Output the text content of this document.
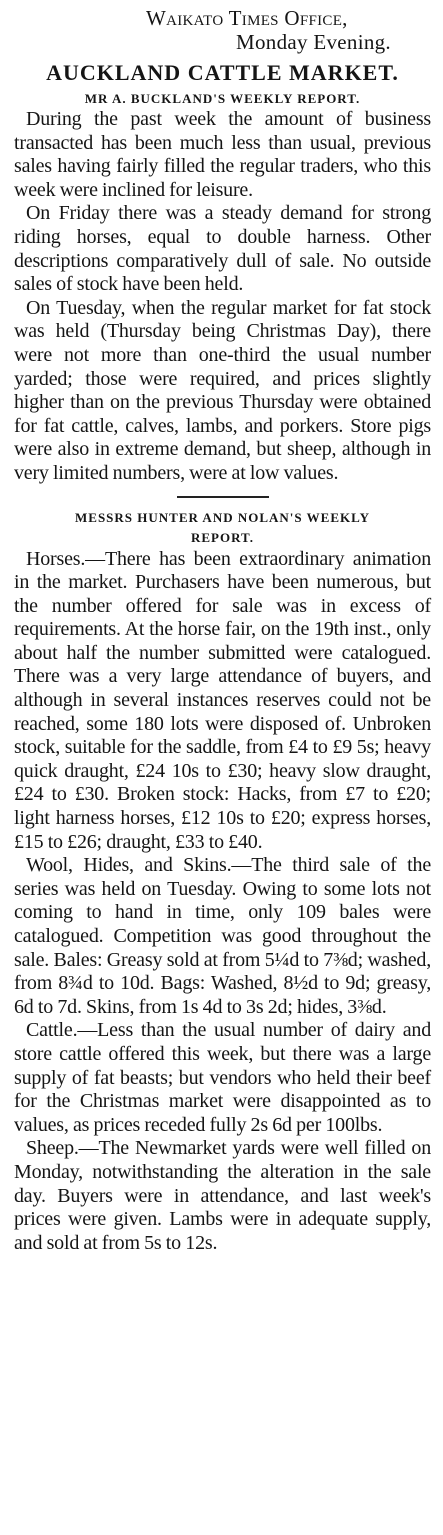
Waikato Times Office,
Monday Evening.
AUCKLAND CATTLE MARKET.
MR A. BUCKLAND'S WEEKLY REPORT.

During the past week the amount of business transacted has been much less than usual, previous sales having fairly filled the regular traders, who this week were inclined for leisure.

On Friday there was a steady demand for strong riding horses, equal to double harness. Other descriptions comparatively dull of sale. No outside sales of stock have been held.

On Tuesday, when the regular market for fat stock was held (Thursday being Christmas Day), there were not more than one-third the usual number yarded; those were required, and prices slightly higher than on the previous Thursday were obtained for fat cattle, calves, lambs, and porkers. Store pigs were also in extreme demand, but sheep, although in very limited numbers, were at low values.

MESSRS HUNTER AND NOLAN'S WEEKLY
REPORT.

Horses.—There has been extraordinary animation in the market. Purchasers have been numerous, but the number offered for sale was in excess of requirements. At the horse fair, on the 19th inst., only about half the number submitted were catalogued. There was a very large attendance of buyers, and although in several instances reserves could not be reached, some 180 lots were disposed of. Unbroken stock, suitable for the saddle, from £4 to £9 5s; heavy quick draught, £24 10s to £30; heavy slow draught, £24 to £30. Broken stock: Hacks, from £7 to £20; light harness horses, £12 10s to £20; express horses, £15 to £26; draught, £33 to £40.

Wool, Hides, and Skins.—The third sale of the series was held on Tuesday. Owing to some lots not coming to hand in time, only 109 bales were catalogued. Competition was good throughout the sale. Bales: Greasy sold at from 5¼d to 7⅜d; washed, from 8¾d to 10d. Bags: Washed, 8½d to 9d; greasy, 6d to 7d. Skins, from 1s 4d to 3s 2d; hides, 3⅜d.

Cattle.—Less than the usual number of dairy and store cattle offered this week, but there was a large supply of fat beasts; but vendors who held their beef for the Christmas market were disappointed as to values, as prices receded fully 2s 6d per 100lbs.

Sheep.—The Newmarket yards were well filled on Monday, notwithstanding the alteration in the sale day. Buyers were in attendance, and last week's prices were given. Lambs were in adequate supply, and sold at from 5s to 12s.
